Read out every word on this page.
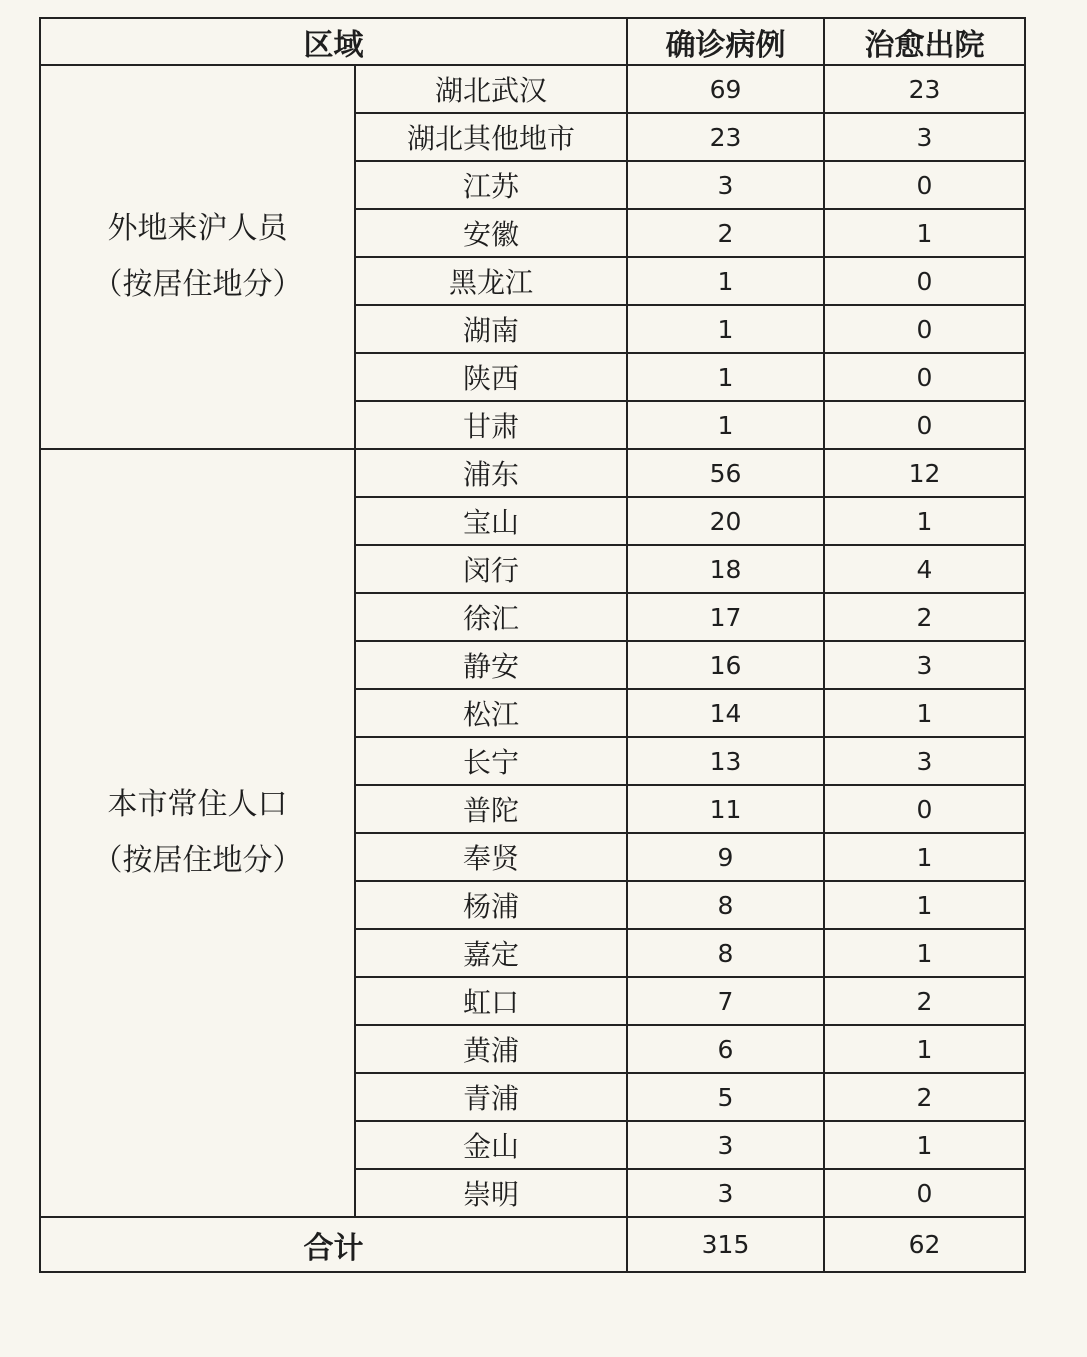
区域		确诊病例	治愈出院

外地来沪人员
（按居住地分）	湖北武汉	69	23
	湖北其他地市	23	3
	江苏	3	0
	安徽	2	1
	黑龙江	1	0
	湖南	1	0
	陕西	1	0
	甘肃	1	0

本市常住人口
（按居住地分）	浦东	56	12
	宝山	20	1
	闵行	18	4
	徐汇	17	2
	静安	16	3
	松江	14	1
	长宁	13	3
	普陀	11	0
	奉贤	9	1
	杨浦	8	1
	嘉定	8	1
	虹口	7	2
	黄浦	6	1
	青浦	5	2
	金山	3	1
	崇明	3	0
合计		315	62
